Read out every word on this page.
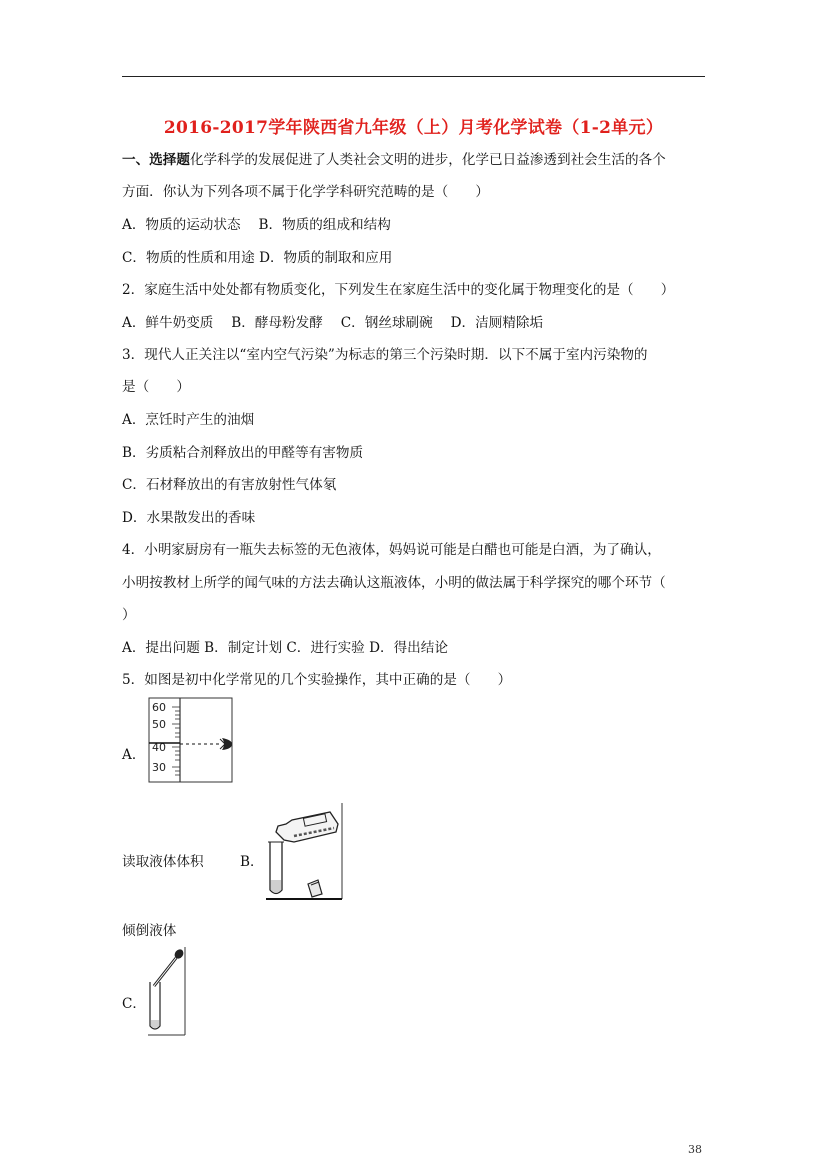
2016-2017学年陕西省九年级（上）月考化学试卷（1-2单元）
一、选择题化学科学的发展促进了人类社会文明的进步，化学已日益渗透到社会生活的各个
方面．你认为下列各项不属于化学学科研究范畴的是（　　）
A．物质的运动状态　 B．物质的组成和结构
C．物质的性质和用途 D．物质的制取和应用
2．家庭生活中处处都有物质变化，下列发生在家庭生活中的变化属于物理变化的是（　　）
A．鲜牛奶变质　 B．酵母粉发酵　 C．钢丝球刷碗　 D．洁厕精除垢
3．现代人正关注以“室内空气污染”为标志的第三个污染时期．以下不属于室内污染物的
是（　　）
A．烹饪时产生的油烟
B．劣质粘合剂释放出的甲醛等有害物质
C．石材释放出的有害放射性气体氡
D．水果散发出的香味
4．小明家厨房有一瓶失去标签的无色液体，妈妈说可能是白醋也可能是白酒，为了确认，
小明按教材上所学的闻气味的方法去确认这瓶液体，小明的做法属于科学探究的哪个环节（
）
A．提出问题 B．制定计划 C．进行实验 D．得出结论
5．如图是初中化学常见的几个实验操作，其中正确的是（　　）
A．
60
50
40
30
读取液体体积	B．
倾倒液体
C．
38
